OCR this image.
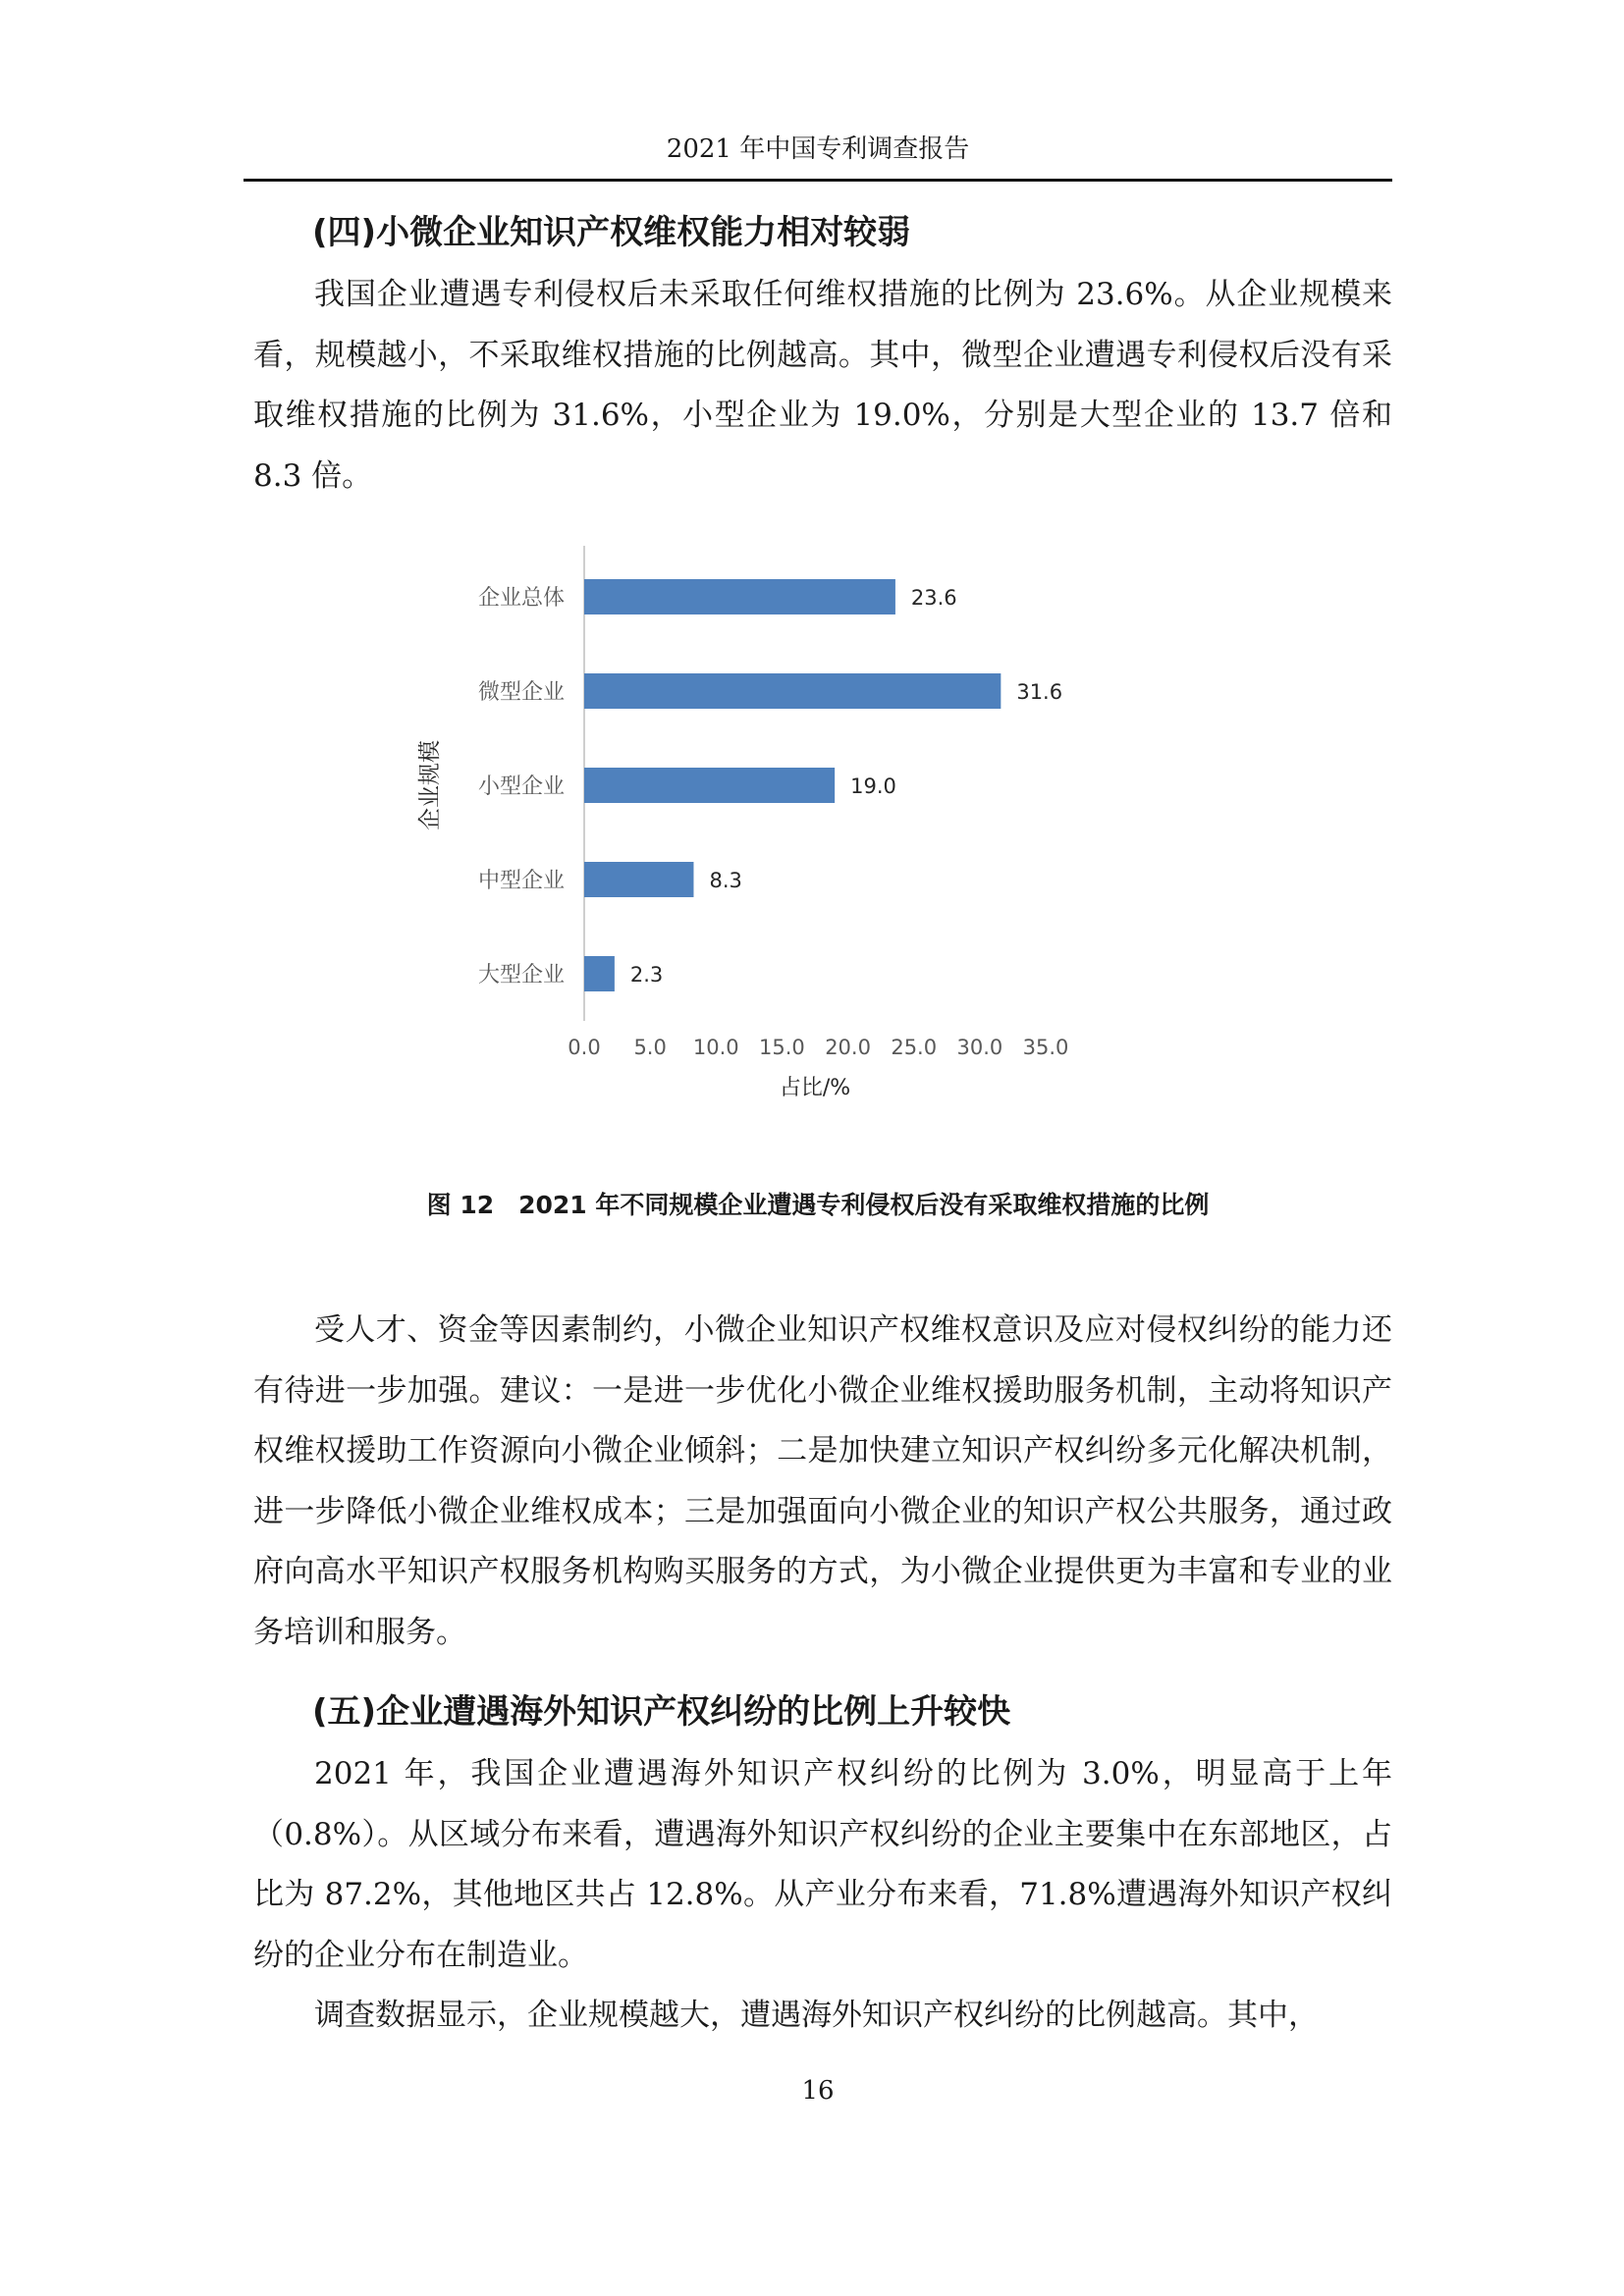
2021 年中国专利调查报告
(四)小微企业知识产权维权能力相对较弱

我国企业遭遇专利侵权后未采取任何维权措施的比例为 23.6%。从企业规模来看，规模越小，不采取维权措施的比例越高。其中，微型企业遭遇专利侵权后没有采取维权措施的比例为 31.6%，小型企业为 19.0%，分别是大型企业的 13.7 倍和 8.3 倍。

企业总体	23.6
微型企业	31.6
小型企业	19.0
中型企业	8.3
大型企业	2.3
0.0 5.0 10.0 15.0 20.0 25.0 30.0 35.0
占比/%
企业规模

图 12　2021 年不同规模企业遭遇专利侵权后没有采取维权措施的比例

受人才、资金等因素制约，小微企业知识产权维权意识及应对侵权纠纷的能力还有待进一步加强。建议：一是进一步优化小微企业维权援助服务机制，主动将知识产权维权援助工作资源向小微企业倾斜；二是加快建立知识产权纠纷多元化解决机制，进一步降低小微企业维权成本；三是加强面向小微企业的知识产权公共服务，通过政府向高水平知识产权服务机构购买服务的方式，为小微企业提供更为丰富和专业的业务培训和服务。

(五)企业遭遇海外知识产权纠纷的比例上升较快

2021 年，我国企业遭遇海外知识产权纠纷的比例为 3.0%，明显高于上年（0.8%）。从区域分布来看，遭遇海外知识产权纠纷的企业主要集中在东部地区，占比为 87.2%，其他地区共占 12.8%。从产业分布来看，71.8%遭遇海外知识产权纠纷的企业分布在制造业。

调查数据显示，企业规模越大，遭遇海外知识产权纠纷的比例越高。其中，

16
